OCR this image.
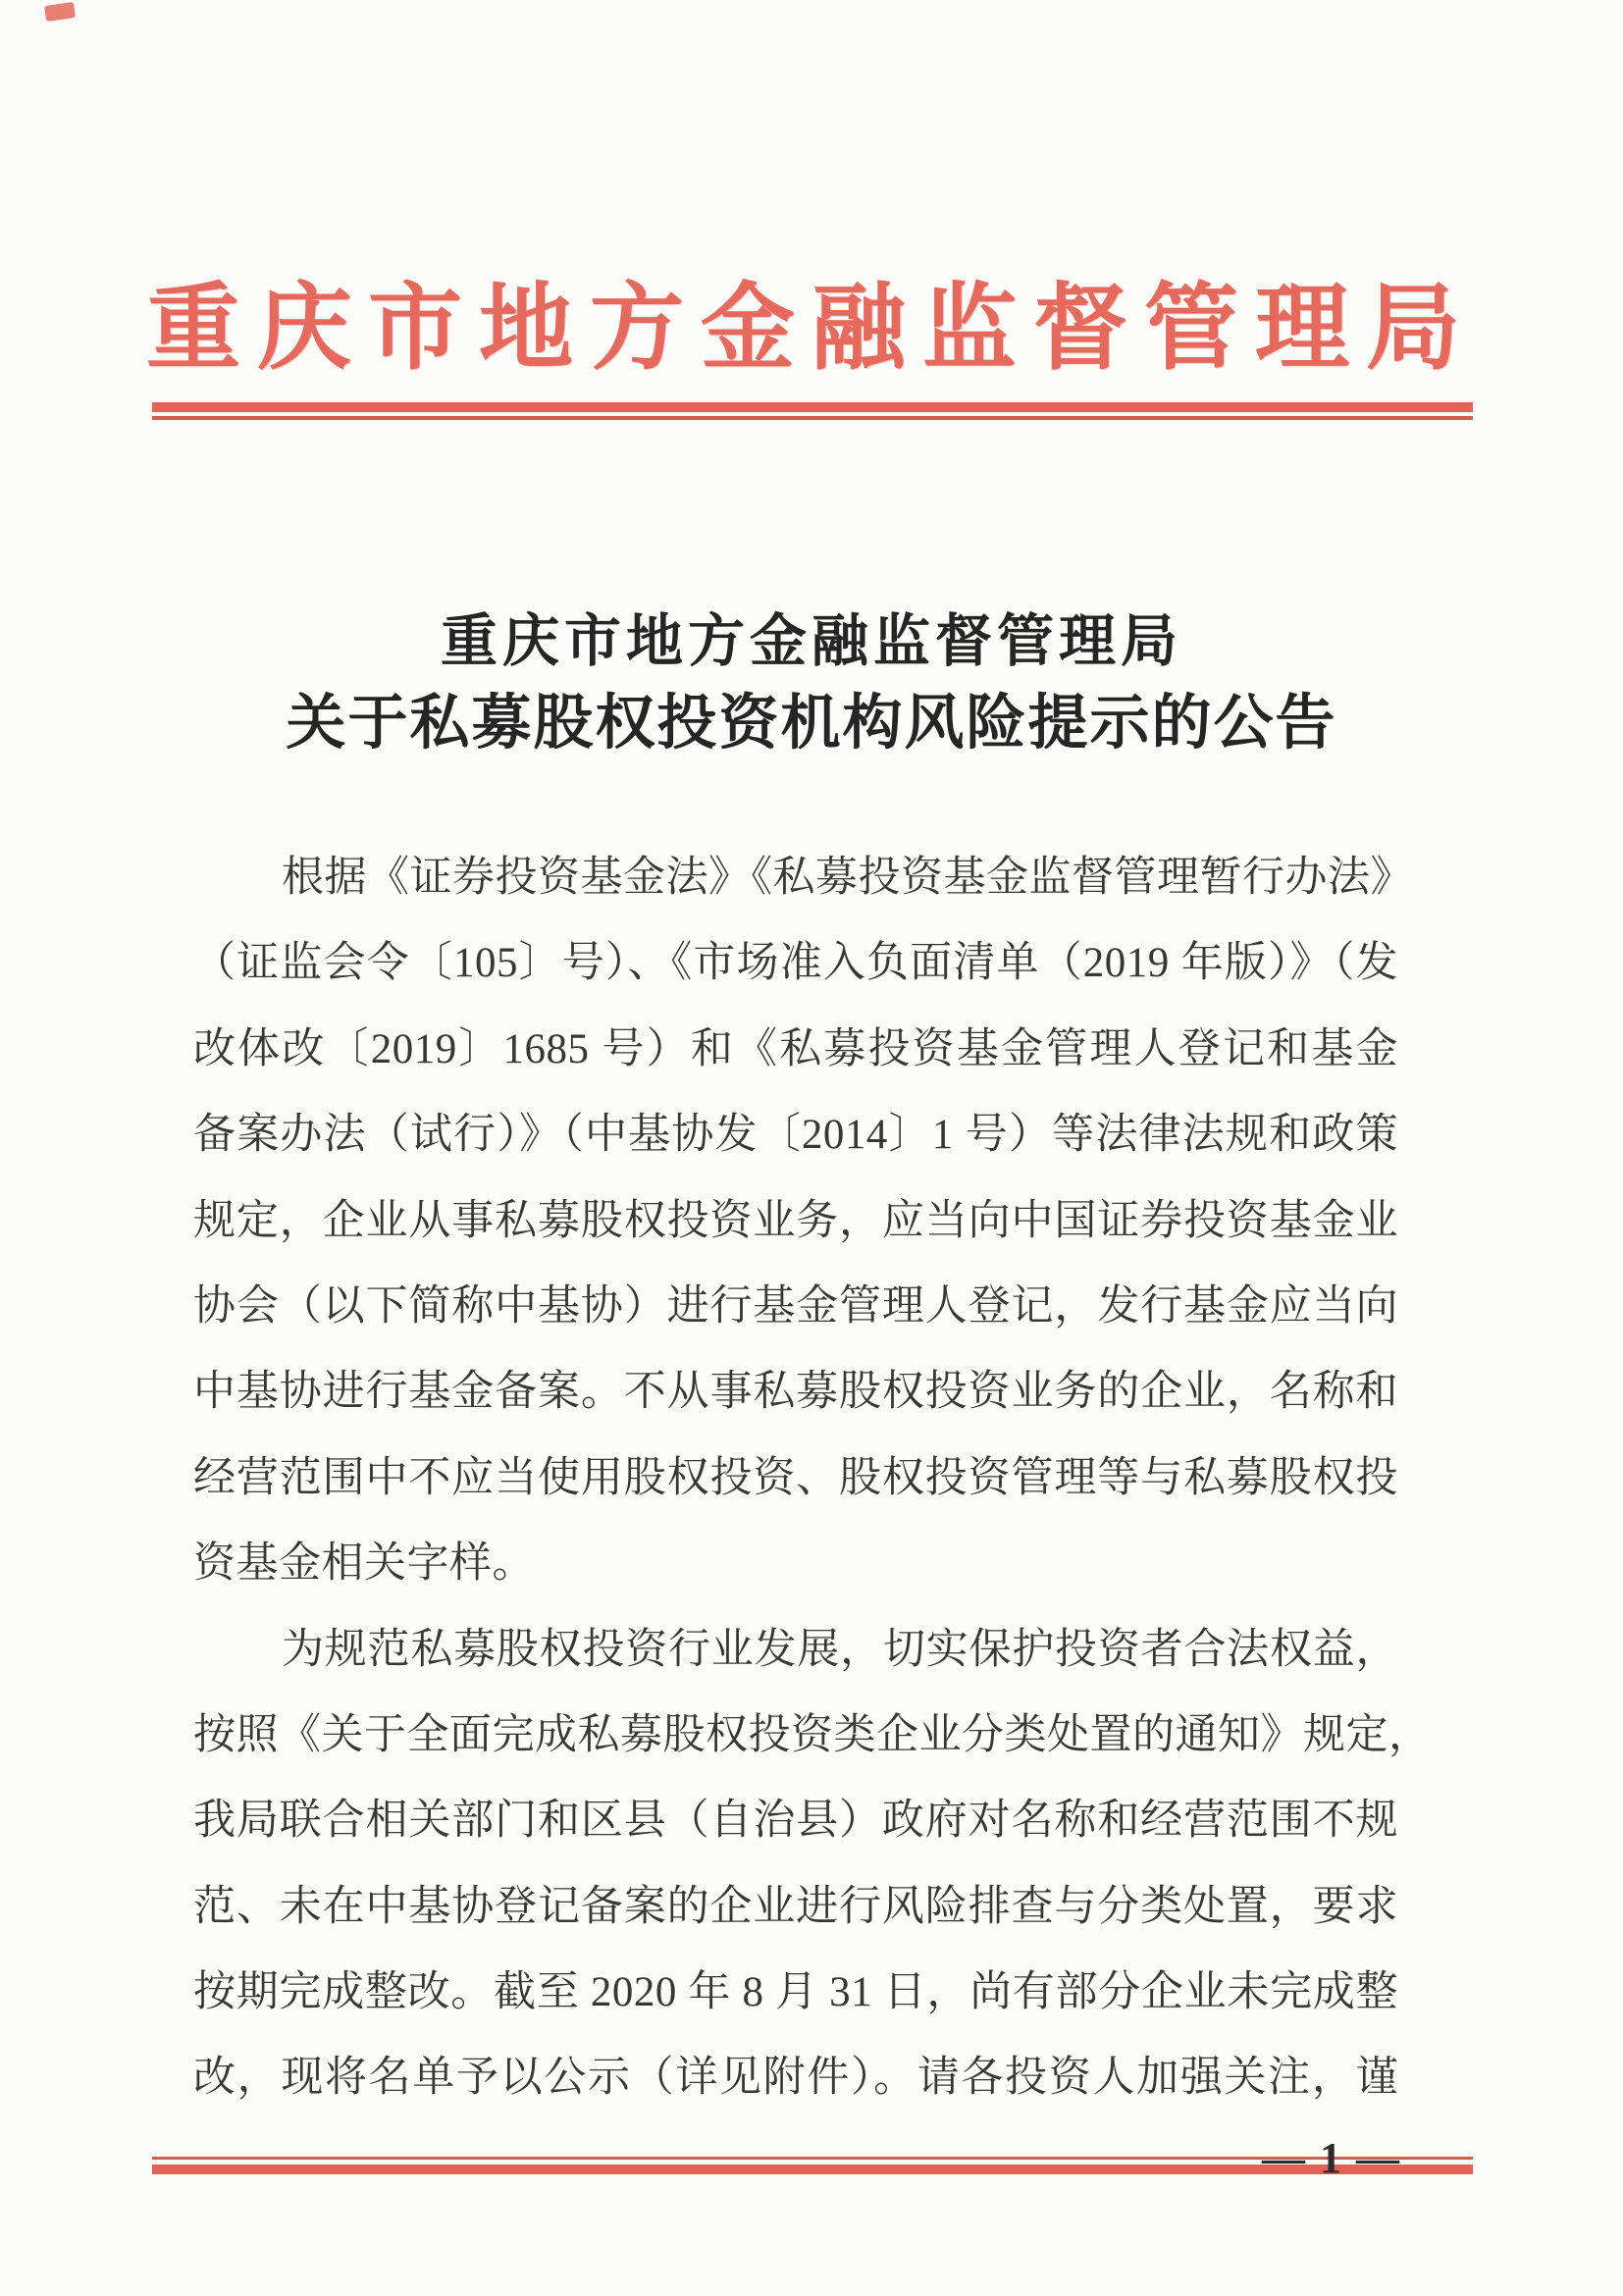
重庆市地方金融监督管理局
重庆市地方金融监督管理局
关于私募股权投资机构风险提示的公告
根据《证券投资基金法》《私募投资基金监督管理暂行办法》
（证监会令〔105〕号）、《市场准入负面清单（2019 年版）》（发
改体改〔2019〕1685 号）和《私募投资基金管理人登记和基金
备案办法（试行）》（中基协发〔2014〕1 号）等法律法规和政策
规定，企业从事私募股权投资业务，应当向中国证券投资基金业
协会（以下简称中基协）进行基金管理人登记，发行基金应当向
中基协进行基金备案。不从事私募股权投资业务的企业，名称和
经营范围中不应当使用股权投资、股权投资管理等与私募股权投
资基金相关字样。
为规范私募股权投资行业发展，切实保护投资者合法权益，
按照《关于全面完成私募股权投资类企业分类处置的通知》规定，
我局联合相关部门和区县（自治县）政府对名称和经营范围不规
范、未在中基协登记备案的企业进行风险排查与分类处置，要求
按期完成整改。截至 2020 年 8 月 31 日，尚有部分企业未完成整
改，现将名单予以公示（详见附件）。请各投资人加强关注，谨
— 1 —
